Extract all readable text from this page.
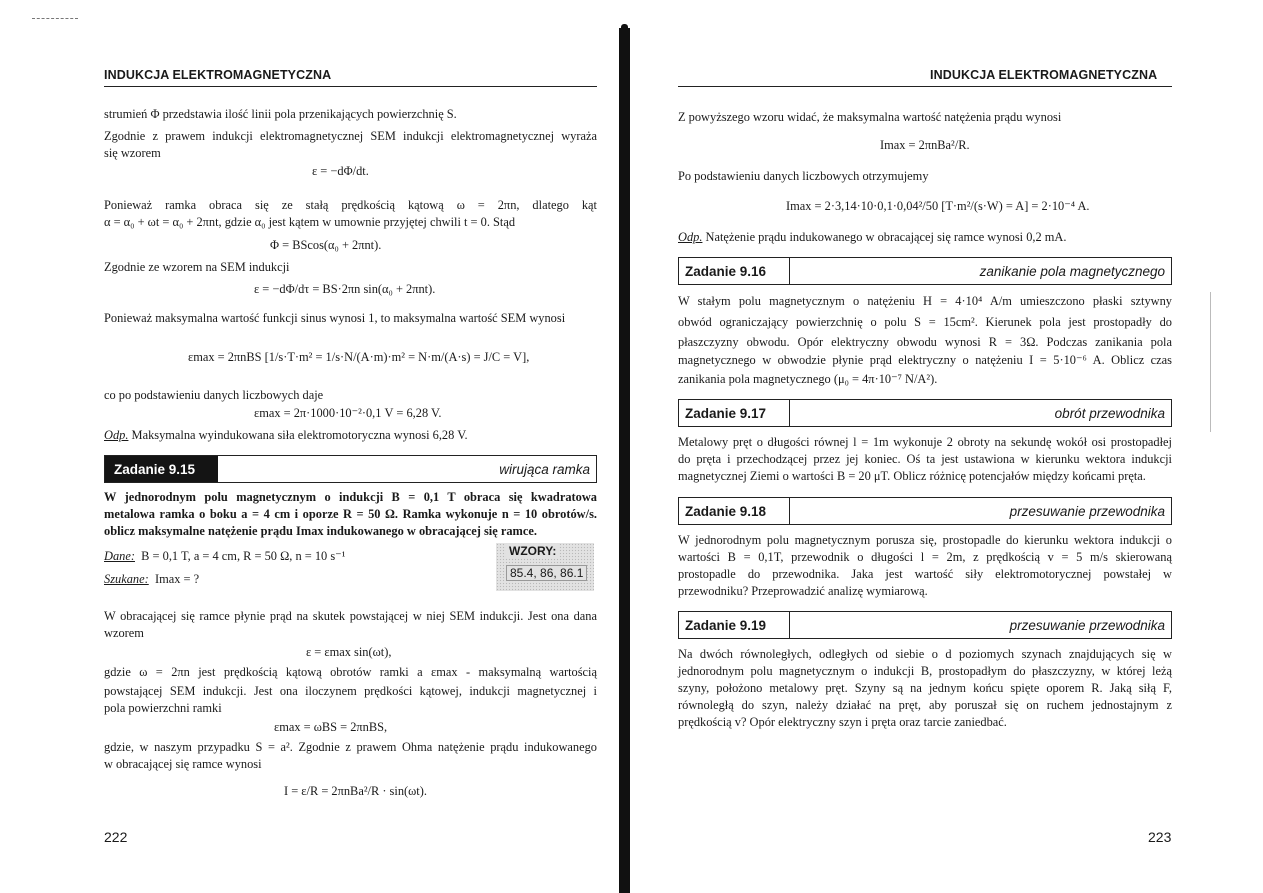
INDUKCJA ELEKTROMAGNETYCZNA

strumień Φ przedstawia ilość linii pola przenikających powierzchnię S.

Zgodnie z prawem indukcji elektromagnetycznej SEM indukcji elektromagnetycznej wyraża

się wzorem

ε = −dΦ/dt.

Ponieważ ramka obraca się ze stałą prędkością kątową ω = 2πn, dlatego kąt

α = α₀ + ωt = α₀ + 2πnt, gdzie α₀ jest kątem w umownie przyjętej chwili t = 0. Stąd

Φ = BScos(α₀ + 2πnt).

Zgodnie ze wzorem na SEM indukcji

ε = −dΦ/dτ = BS·2πn sin(α₀ + 2πnt).

Ponieważ maksymalna wartość funkcji sinus wynosi 1, to maksymalna wartość SEM wynosi

εmax = 2πnBS [1/s·T·m² = 1/s·N/(A·m)·m² = N·m/(A·s) = J/C = V],

co po podstawieniu danych liczbowych daje

εmax = 2π·1000·10⁻²·0,1 V = 6,28 V.

Odp. Maksymalna wyindukowana siła elektromotoryczna wynosi 6,28 V.

Zadanie 9.15	wirująca ramka

W jednorodnym polu magnetycznym o indukcji B = 0,1 T obraca się kwadratowa

metalowa ramka o boku a = 4 cm i oporze R = 50 Ω. Ramka wykonuje n = 10 obrotów/s.

oblicz maksymalne natężenie prądu Imax indukowanego w obracającej się ramce.

Dane: B = 0,1 T, a = 4 cm, R = 50 Ω, n = 10 s⁻¹
Szukane: Imax = ?
WZORY:
85.4, 86, 86.1

W obracającej się ramce płynie prąd na skutek powstającej w niej SEM indukcji. Jest ona dana

wzorem

ε = εmax sin(ωt),

gdzie ω = 2πn jest prędkością kątową obrotów ramki a εmax - maksymalną wartością

powstającej SEM indukcji. Jest ona iloczynem prędkości kątowej, indukcji magnetycznej i

pola powierzchni ramki

εmax = ωBS = 2πnBS,

gdzie, w naszym przypadku S = a². Zgodnie z prawem Ohma natężenie prądu indukowanego

w obracającej się ramce wynosi

I = ε/R = 2πnBa²/R · sin(ωt).
222
INDUKCJA ELEKTROMAGNETYCZNA

Z powyższego wzoru widać, że maksymalna wartość natężenia prądu wynosi

Imax = 2πnBa²/R.

Po podstawieniu danych liczbowych otrzymujemy

Imax = 2·3,14·10·0,1·0,04²/50 [T·m²/(s·W) = A] = 2·10⁻⁴ A.

Odp. Natężenie prądu indukowanego w obracającej się ramce wynosi 0,2 mA.

Zadanie 9.16	zanikanie pola magnetycznego

W stałym polu magnetycznym o natężeniu H = 4·10⁴ A/m umieszczono płaski sztywny

obwód ograniczający powierzchnię o polu S = 15cm². Kierunek pola jest prostopadły do

płaszczyzny obwodu. Opór elektryczny obwodu wynosi R = 3Ω. Podczas zanikania pola

magnetycznego w obwodzie płynie prąd elektryczny o natężeniu I = 5·10⁻⁶ A. Oblicz czas

zanikania pola magnetycznego (μ₀ = 4π·10⁻⁷ N/A²).

Zadanie 9.17	obrót przewodnika

Metalowy pręt o długości równej l = 1m wykonuje 2 obroty na sekundę wokół osi prostopadłej

do pręta i przechodzącej przez jej koniec. Oś ta jest ustawiona w kierunku wektora indukcji

magnetycznej Ziemi o wartości B = 20 μT. Oblicz różnicę potencjałów między końcami pręta.

Zadanie 9.18	przesuwanie przewodnika

W jednorodnym polu magnetycznym porusza się, prostopadle do kierunku wektora indukcji o

wartości B = 0,1T, przewodnik o długości l = 2m, z prędkością v = 5 m/s skierowaną

prostopadle do przewodnika. Jaka jest wartość siły elektromotorycznej powstałej w

przewodniku? Przeprowadzić analizę wymiarową.

Zadanie 9.19	przesuwanie przewodnika

Na dwóch równoległych, odległych od siebie o d poziomych szynach znajdujących się w

jednorodnym polu magnetycznym o indukcji B, prostopadłym do płaszczyzny, w której leżą

szyny, położono metalowy pręt. Szyny są na jednym końcu spięte oporem R. Jaką siłą F,

równoległą do szyn, należy działać na pręt, aby poruszał się on ruchem jednostajnym z

prędkością v? Opór elektryczny szyn i pręta oraz tarcie zaniedbać.

223
